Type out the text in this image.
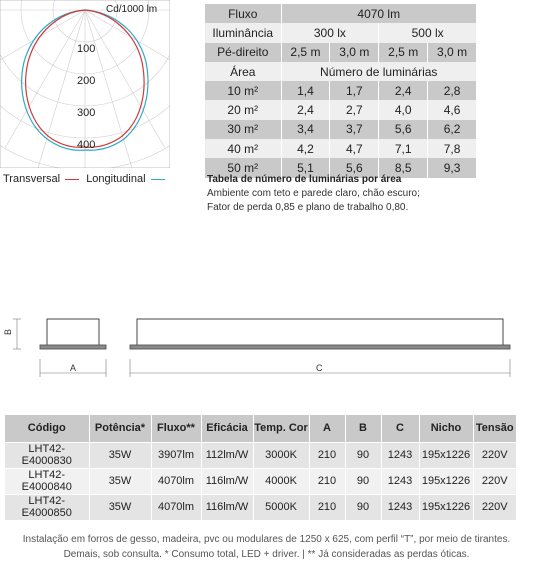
Cd/1000 lm
100
200
300
400
Transversal Longitudinal
Fluxo	4070 lm			
Iluminância	300 lx		500 lx	
Pé-direito	2,5 m	3,0 m	2,5 m	3,0 m
Área	Número de luminárias			
10 m²	1,4	1,7	2,4	2,8
20 m²	2,4	2,7	4,0	4,6
30 m²	3,4	3,7	5,6	6,2
40 m²	4,2	4,7	7,1	7,8
50 m²	5,1	5,6	8,5	9,3
Tabela de número de luminárias por área
Ambiente com teto e parede claro, chão escuro;
Fator de perda 0,85 e plano de trabalho 0,80.
B
A	C
Código	Potência*	Fluxo**	Eficácia	Temp. Cor	A	B	C	Nicho	Tensão
LHT42-E4000830	35W	3907lm	112lm/W	3000K	210	90	1243	195x1226	220V
LHT42-E4000840	35W	4070lm	116lm/W	4000K	210	90	1243	195x1226	220V
LHT42-E4000850	35W	4070lm	116lm/W	5000K	210	90	1243	195x1226	220V
Instalação em forros de gesso, madeira, pvc ou modulares de 1250 x 625, com perfil “T”, por meio de tirantes.
Demais, sob consulta. * Consumo total, LED + driver. | ** Já consideradas as perdas óticas.
